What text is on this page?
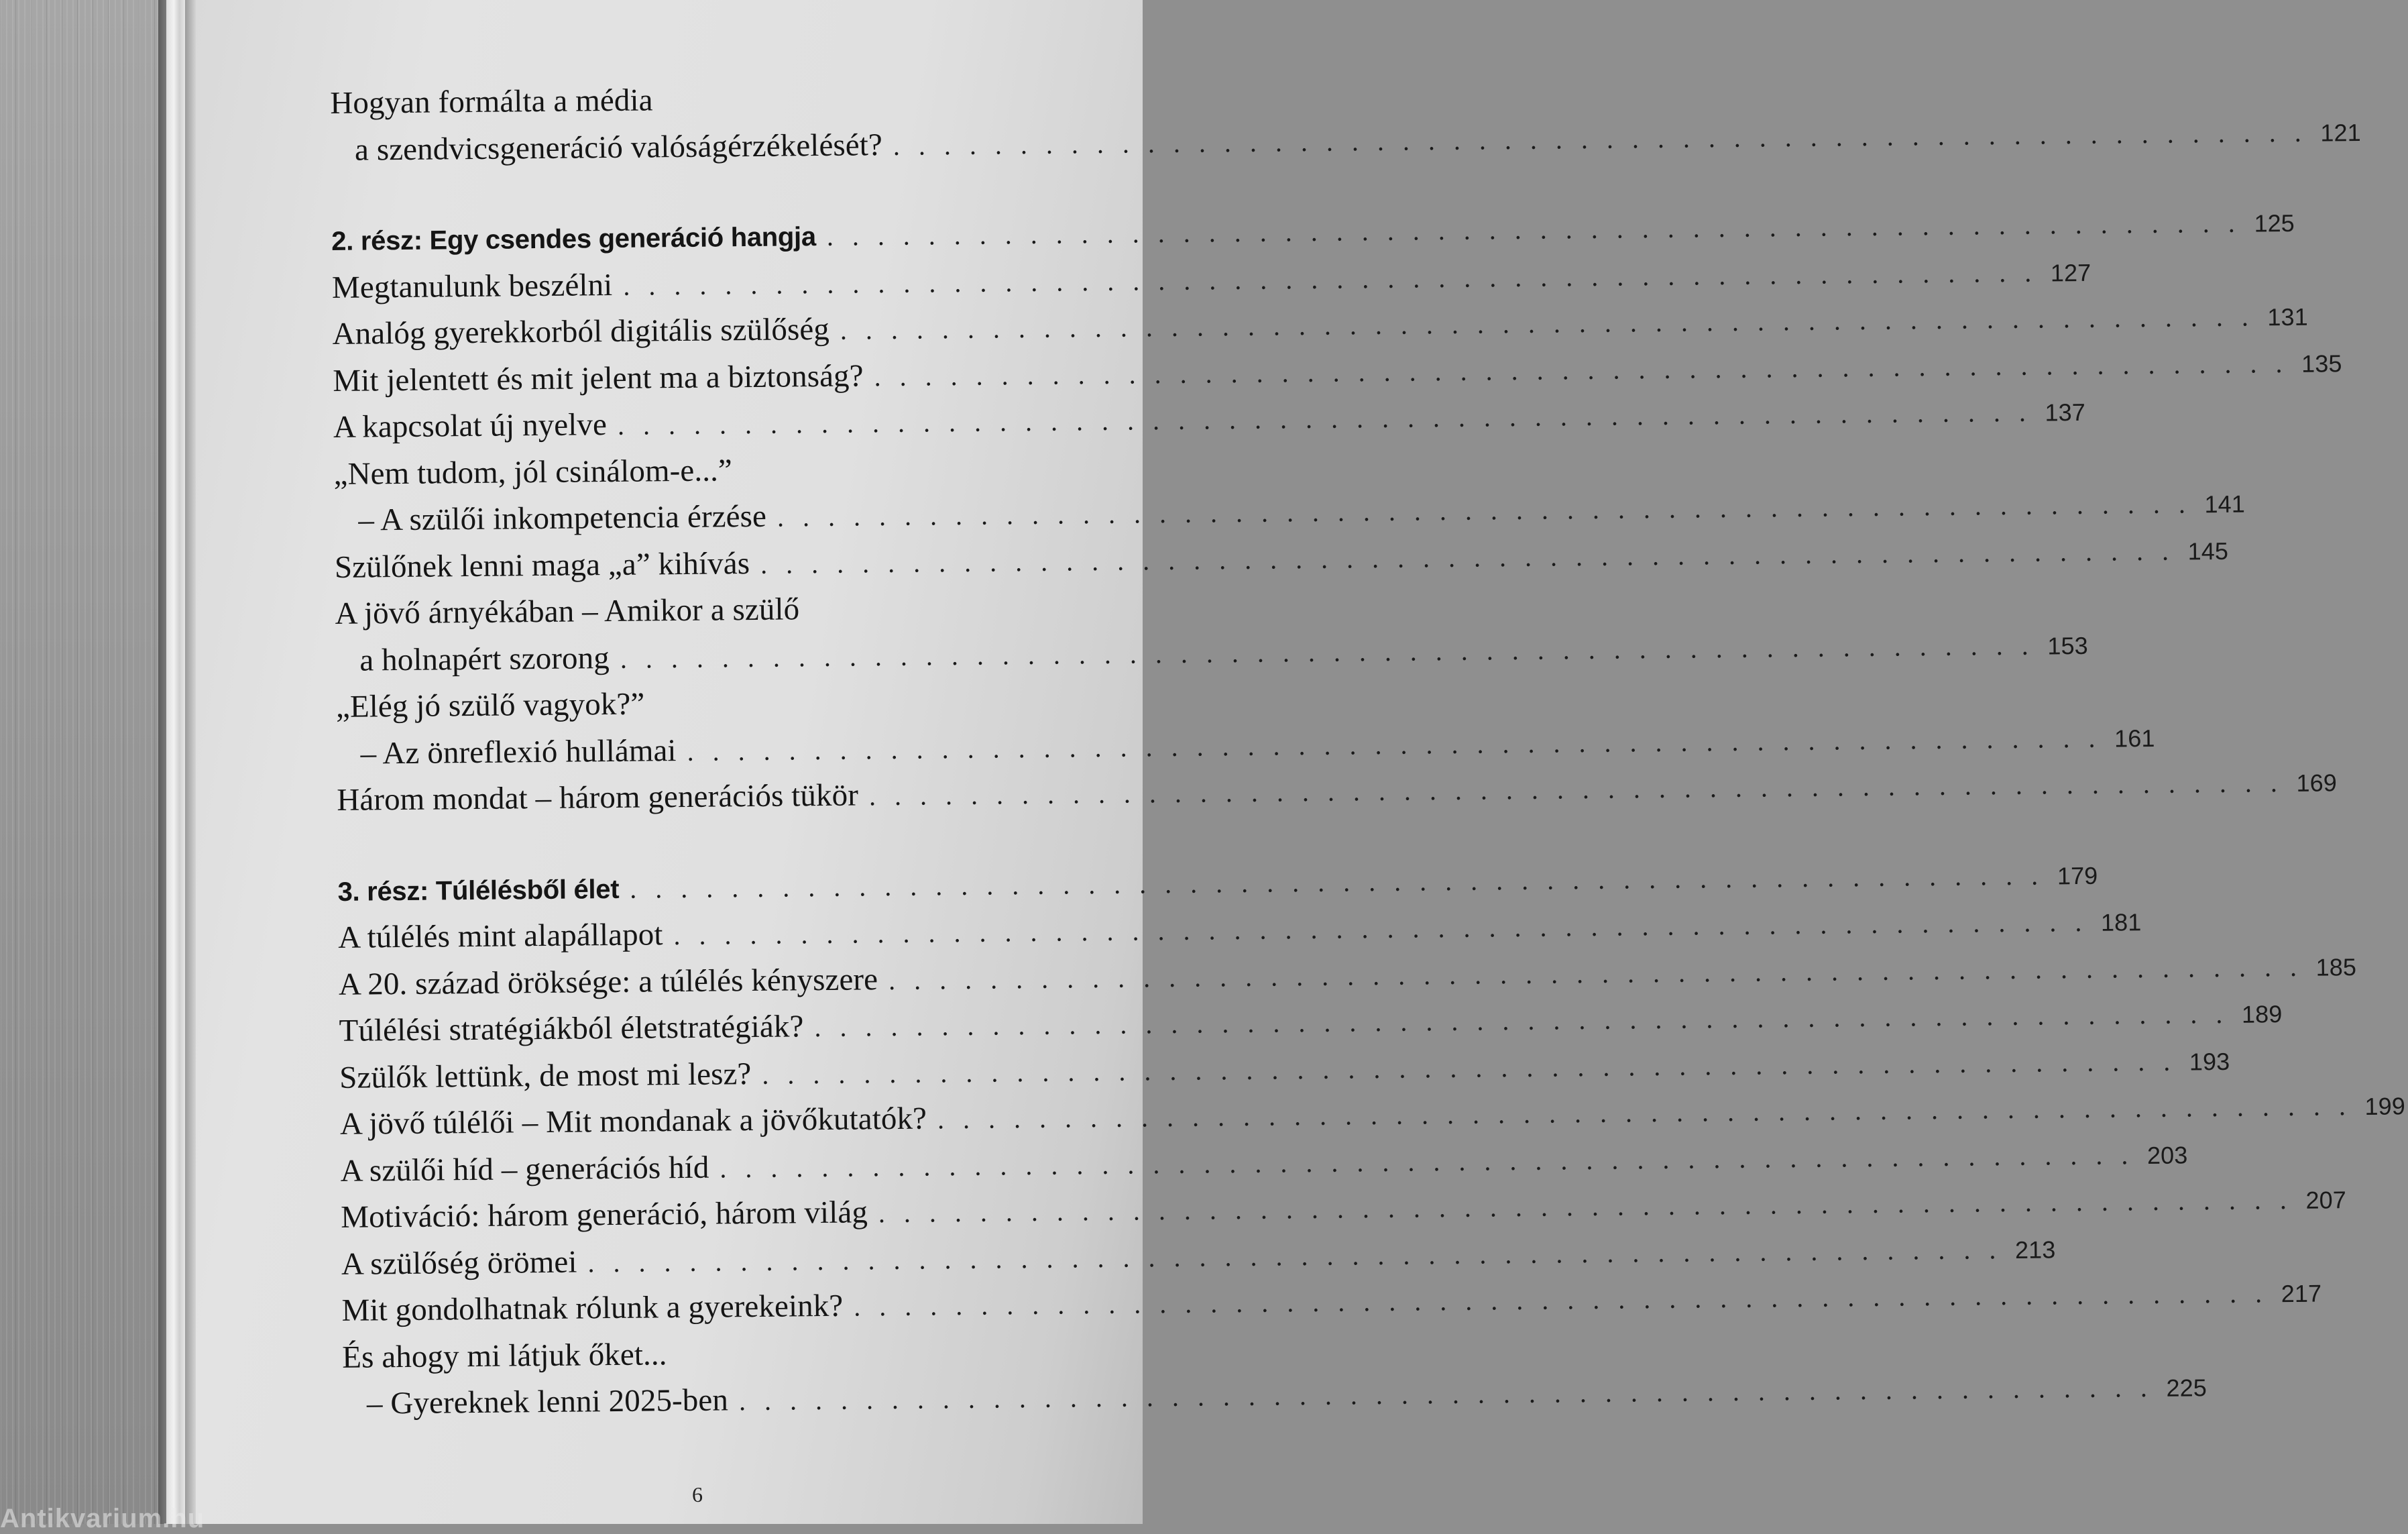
Hogyan formálta a média
a szendvicsgeneráció valóságérzékelését? . . . . . . . . . . . . . . . . . . . . . . . . . . . . . . . . . . . . . . . . . . . . . . . . . . . . . . . . 121
2. rész: Egy csendes generáció hangja . . . . . . . . . . . . . . . . . . . . . . . . . . . . . . . . . . . . . . . . . . . . . . . . . . . . . . . . 125
Megtanulunk beszélni . . . . . . . . . . . . . . . . . . . . . . . . . . . . . . . . . . . . . . . . . . . . . . . . . . . . . . . . 127
Analóg gyerekkorból digitális szülőség . . . . . . . . . . . . . . . . . . . . . . . . . . . . . . . . . . . . . . . . . . . . . . . . . . . . . . . . 131
Mit jelentett és mit jelent ma a biztonság? . . . . . . . . . . . . . . . . . . . . . . . . . . . . . . . . . . . . . . . . . . . . . . . . . . . . . . . . 135
A kapcsolat új nyelve . . . . . . . . . . . . . . . . . . . . . . . . . . . . . . . . . . . . . . . . . . . . . . . . . . . . . . . . 137
„Nem tudom, jól csinálom-e...”
– A szülői inkompetencia érzése . . . . . . . . . . . . . . . . . . . . . . . . . . . . . . . . . . . . . . . . . . . . . . . . . . . . . . . . 141
Szülőnek lenni maga „a” kihívás . . . . . . . . . . . . . . . . . . . . . . . . . . . . . . . . . . . . . . . . . . . . . . . . . . . . . . . . 145
A jövő árnyékában – Amikor a szülő
a holnapért szorong . . . . . . . . . . . . . . . . . . . . . . . . . . . . . . . . . . . . . . . . . . . . . . . . . . . . . . . . 153
„Elég jó szülő vagyok?”
– Az önreflexió hullámai . . . . . . . . . . . . . . . . . . . . . . . . . . . . . . . . . . . . . . . . . . . . . . . . . . . . . . . . 161
Három mondat – három generációs tükör . . . . . . . . . . . . . . . . . . . . . . . . . . . . . . . . . . . . . . . . . . . . . . . . . . . . . . . . 169
3. rész: Túlélésből élet . . . . . . . . . . . . . . . . . . . . . . . . . . . . . . . . . . . . . . . . . . . . . . . . . . . . . . . . 179
A túlélés mint alapállapot . . . . . . . . . . . . . . . . . . . . . . . . . . . . . . . . . . . . . . . . . . . . . . . . . . . . . . . . 181
A 20. század öröksége: a túlélés kényszere . . . . . . . . . . . . . . . . . . . . . . . . . . . . . . . . . . . . . . . . . . . . . . . . . . . . . . . . 185
Túlélési stratégiákból életstratégiák? . . . . . . . . . . . . . . . . . . . . . . . . . . . . . . . . . . . . . . . . . . . . . . . . . . . . . . . . 189
Szülők lettünk, de most mi lesz? . . . . . . . . . . . . . . . . . . . . . . . . . . . . . . . . . . . . . . . . . . . . . . . . . . . . . . . . 193
A jövő túlélői – Mit mondanak a jövőkutatók? . . . . . . . . . . . . . . . . . . . . . . . . . . . . . . . . . . . . . . . . . . . . . . . . . . . . . . . . 199
A szülői híd – generációs híd . . . . . . . . . . . . . . . . . . . . . . . . . . . . . . . . . . . . . . . . . . . . . . . . . . . . . . . . 203
Motiváció: három generáció, három világ . . . . . . . . . . . . . . . . . . . . . . . . . . . . . . . . . . . . . . . . . . . . . . . . . . . . . . . . 207
A szülőség örömei . . . . . . . . . . . . . . . . . . . . . . . . . . . . . . . . . . . . . . . . . . . . . . . . . . . . . . . . 213
Mit gondolhatnak rólunk a gyerekeink? . . . . . . . . . . . . . . . . . . . . . . . . . . . . . . . . . . . . . . . . . . . . . . . . . . . . . . . . 217
És ahogy mi látjuk őket...
– Gyereknek lenni 2025-ben . . . . . . . . . . . . . . . . . . . . . . . . . . . . . . . . . . . . . . . . . . . . . . . . . . . . . . . . 225
6
Antikvarium.hu
